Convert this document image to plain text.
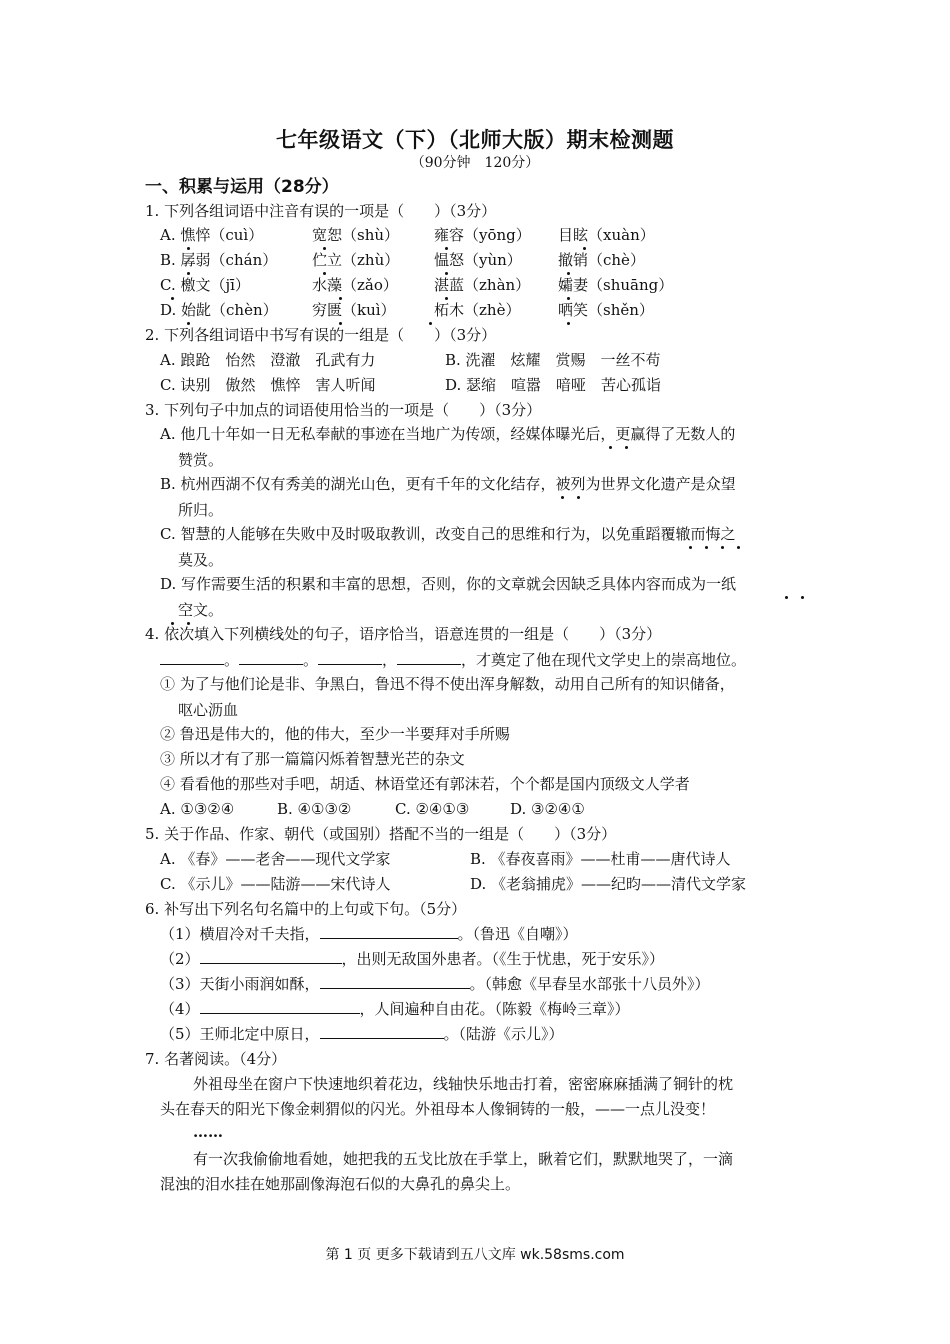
七年级语文（下）（北师大版）期末检测题
（90分钟　120分）
一、积累与运用（28分）
1. 下列各组词语中注音有误的一项是（　　）（3分）
A. 憔悴（cuì）	宽恕（shù） 雍容（yōng） 目眩（xuàn）
B. 孱弱（chán） 伫立（zhù） 愠怒（yùn） 撤销（chè）
C. 檄文（jī）	水藻（zǎo） 湛蓝（zhàn） 孀妻（shuāng）
D. 始龀（chèn） 穷匮（kuì）	柘木（zhè）	哂笑（shěn）
2. 下列各组词语中书写有误的一组是（　　）（3分）
A. 踉跄　怡然　澄澈　孔武有力	B. 洗濯　炫耀　赏赐　一丝不苟
C. 诀别　傲然　憔悴　害人听闻	D. 瑟缩　喧嚣　喑哑　苦心孤诣
3. 下列句子中加点的词语使用恰当的一项是（　　）（3分）
A. 他几十年如一日无私奉献的事迹在当地广为传颂，经媒体曝光后，更赢得了无数人的
赞赏。
B. 杭州西湖不仅有秀美的湖光山色，更有千年的文化结存，被列为世界文化遗产是众望
所归。
C. 智慧的人能够在失败中及时吸取教训，改变自己的思维和行为，以免重蹈覆辙而悔之
莫及。
D. 写作需要生活的积累和丰富的思想，否则，你的文章就会因缺乏具体内容而成为一纸
空文。
4. 依次填入下列横线处的句子，语序恰当，语意连贯的一组是（　　）（3分）
。	。	，	，才奠定了他在现代文学史上的崇高地位。
① 为了与他们论是非、争黑白，鲁迅不得不使出浑身解数，动用自己所有的知识储备，
呕心沥血
② 鲁迅是伟大的，他的伟大，至少一半要拜对手所赐
③ 所以才有了那一篇篇闪烁着智慧光芒的杂文
④ 看看他的那些对手吧，胡适、林语堂还有郭沫若，个个都是国内顶级文人学者
A. ①③②④	B. ④①③②	C. ②④①③	D. ③②④①
5. 关于作品、作家、朝代（或国别）搭配不当的一组是（　　）（3分）
A. 《春》——老舍——现代文学家	B. 《春夜喜雨》——杜甫——唐代诗人
C. 《示儿》——陆游——宋代诗人	D. 《老翁捕虎》——纪昀——清代文学家
6. 补写出下列名句名篇中的上句或下句。（5分）
（1）横眉冷对千夫指，	。（鲁迅《自嘲》）
（2）	，出则无敌国外患者。（《生于忧患，死于安乐》）
（3）天街小雨润如酥，	。（韩愈《早春呈水部张十八员外》）
（4）	，人间遍种自由花。（陈毅《梅岭三章》）
（5）王师北定中原日，	。（陆游《示儿》）
7. 名著阅读。（4分）
外祖母坐在窗户下快速地织着花边，线轴快乐地击打着，密密麻麻插满了铜针的枕
头在春天的阳光下像金刺猬似的闪光。外祖母本人像铜铸的一般，——一点儿没变！
……
有一次我偷偷地看她，她把我的五戈比放在手掌上，瞅着它们，默默地哭了，一滴
混浊的泪水挂在她那副像海泡石似的大鼻孔的鼻尖上。
第 1 页 更多下载请到五八文库 wk.58sms.com
